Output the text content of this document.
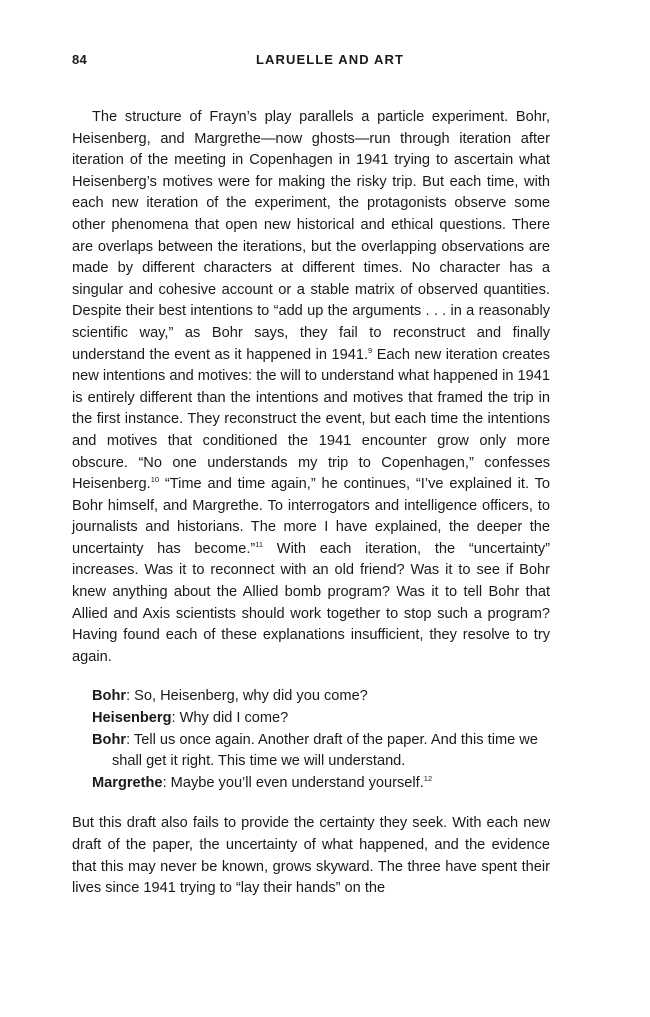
84	LARUELLE AND ART

The structure of Frayn’s play parallels a particle experiment. Bohr, Heisenberg, and Margrethe—now ghosts—run through iteration after iteration of the meeting in Copenhagen in 1941 trying to ascertain what Heisenberg’s motives were for making the risky trip. But each time, with each new iteration of the experiment, the protagonists observe some other phenomena that open new historical and ethical questions. There are overlaps between the iterations, but the overlapping observations are made by different characters at different times. No character has a singular and cohesive account or a stable matrix of observed quantities. Despite their best intentions to “add up the arguments . . . in a reasonably scientific way,” as Bohr says, they fail to reconstruct and finally understand the event as it happened in 1941.$^9$ Each new iteration creates new intentions and motives: the will to understand what happened in 1941 is entirely different than the intentions and motives that framed the trip in the first instance. They reconstruct the event, but each time the intentions and motives that conditioned the 1941 encounter grow only more obscure. “No one understands my trip to Copenhagen,” confesses Heisenberg.$^{10}$ “Time and time again,” he continues, “I’ve explained it. To Bohr himself, and Margrethe. To interrogators and intelligence officers, to journalists and historians. The more I have explained, the deeper the uncertainty has become.”$^{11}$ With each iteration, the “uncertainty” increases. Was it to reconnect with an old friend? Was it to see if Bohr knew anything about the Allied bomb program? Was it to tell Bohr that Allied and Axis scientists should work together to stop such a program? Having found each of these explanations insufficient, they resolve to try again.

Bohr: So, Heisenberg, why did you come?

Heisenberg: Why did I come?

Bohr: Tell us once again. Another draft of the paper. And this time we shall get it right. This time we will understand.

Margrethe: Maybe you’ll even understand yourself.$^{12}$

But this draft also fails to provide the certainty they seek. With each new draft of the paper, the uncertainty of what happened, and the evidence that this may never be known, grows skyward. The three have spent their lives since 1941 trying to “lay their hands” on the
